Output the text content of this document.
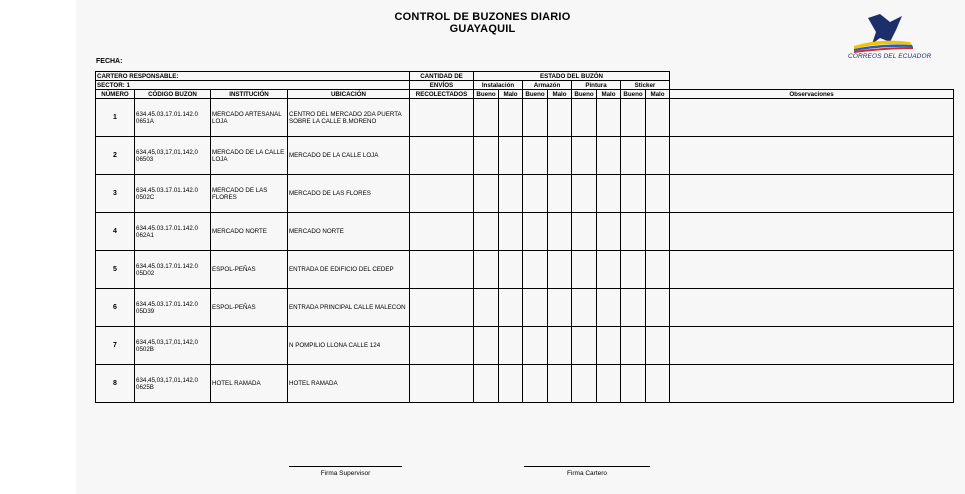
CONTROL DE BUZONES DIARIO
GUAYAQUIL
CORREOS DEL ECUADOR
FECHA:
CARTERO RESPONSABLE:				CANTIDAD DE	ESTADO DEL BUZÓN								
SECTOR: 1				ENVÍOS	Instalación		Armazón		Pintura		Sticker		
NÚMERO	CÓDIGO BUZON	INSTITUCIÓN	UBICACIÓN	RECOLECTADOS	Bueno	Malo	Bueno	Malo	Bueno	Malo	Bueno	Malo	Observaciones
1	634.45.03.17.01.142.0 0651A	MERCADO ARTESANAL LOJA	CENTRO DEL MERCADO 2DA PUERTA SOBRE LA CALLE B.MORENO										
2	634,45,03,17,01,142,0 06503	MERCADO DE LA CALLE LOJA	MERCADO DE LA CALLE LOJA										
3	634.45.03.17.01.142.0 0502C	MERCADO DE LAS FLORES	MERCADO DE LAS FLORES										
4	634.45.03.17.01.142.0 062A1	MERCADO NORTE	MERCADO NORTE										
5	634.45.03.17.01.142.0 05D02	ESPOL-PEÑAS	ENTRADA DE EDIFICIO DEL CEDEP										
6	634.45.03.17.01.142.0 05D39	ESPOL-PEÑAS	ENTRADA PRINCIPAL CALLE MALECON										
7	634,45,03,17,01,142,0 0502B		N POMPILIO LLONA CALLE 124										
8	634,45,03,17,01,142,0 0625B	HOTEL RAMADA	HOTEL RAMADA										
Firma Supervisor	Firma Cartero
